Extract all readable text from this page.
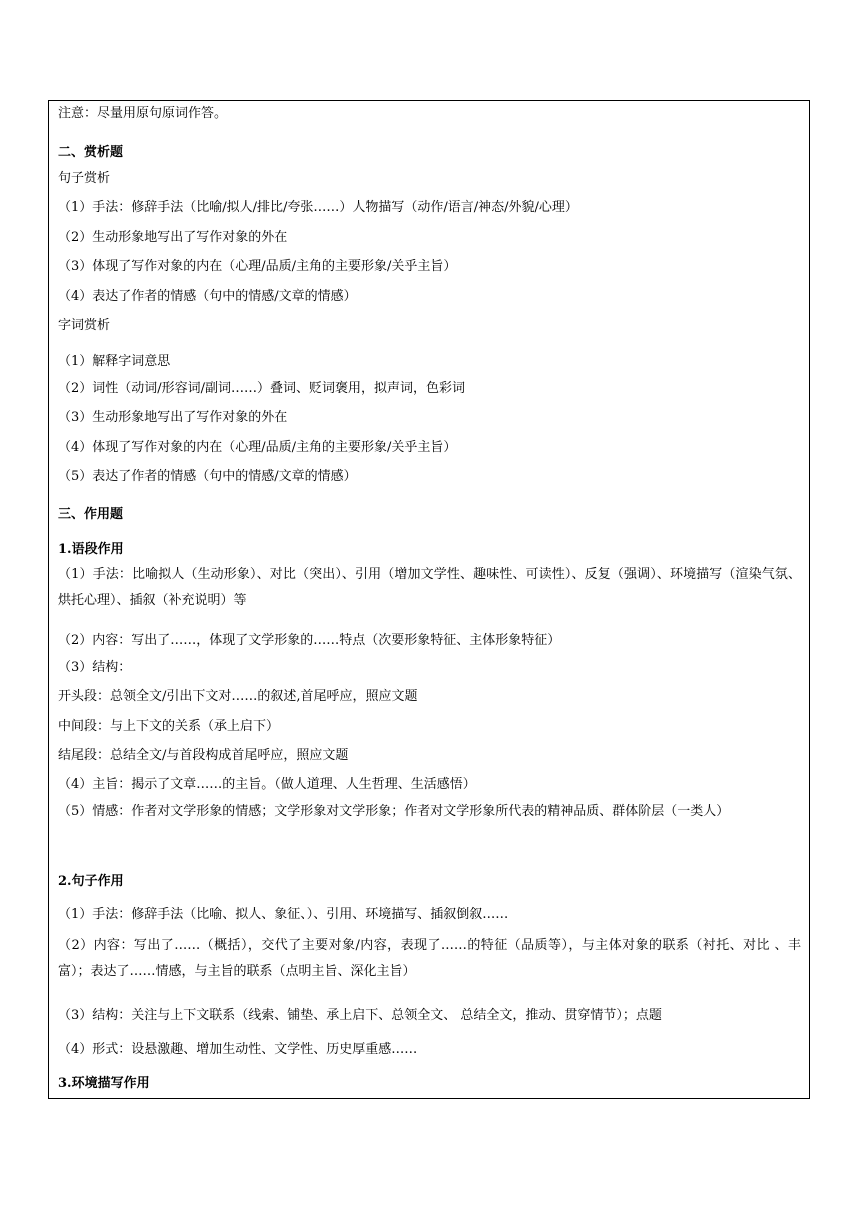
注意：尽量用原句原词作答。
二、赏析题
句子赏析
（1）手法：修辞手法（比喻/拟人/排比/夸张……）人物描写（动作/语言/神态/外貌/心理）
（2）生动形象地写出了写作对象的外在
（3）体现了写作对象的内在（心理/品质/主角的主要形象/关乎主旨）
（4）表达了作者的情感（句中的情感/文章的情感）
字词赏析
（1）解释字词意思
（2）词性（动词/形容词/副词……）叠词、贬词褒用，拟声词，色彩词
（3）生动形象地写出了写作对象的外在
（4）体现了写作对象的内在（心理/品质/主角的主要形象/关乎主旨）
（5）表达了作者的情感（句中的情感/文章的情感）
三、作用题
1.语段作用
（1）手法：比喻拟人（生动形象）、对比（突出）、引用（增加文学性、趣味性、可读性）、反复（强调）、环境描写（渲染气氛、烘托心理）、插叙（补充说明）等
（2）内容：写出了……，体现了文学形象的……特点（次要形象特征、主体形象特征）
（3）结构：
开头段：总领全文/引出下文对……的叙述,首尾呼应，照应文题
中间段：与上下文的关系（承上启下）
结尾段：总结全文/与首段构成首尾呼应，照应文题
（4）主旨：揭示了文章……的主旨。（做人道理、人生哲理、生活感悟）
（5）情感：作者对文学形象的情感；文学形象对文学形象；作者对文学形象所代表的精神品质、群体阶层（一类人）
2.句子作用
（1）手法：修辞手法（比喻、拟人、象征、）、引用、环境描写、插叙倒叙……
（2）内容：写出了……（概括），交代了主要对象/内容，表现了……的特征（品质等），与主体对象的联系（衬托、对比 、丰富）；表达了……情感，与主旨的联系（点明主旨、深化主旨）
（3）结构：关注与上下文联系（线索、铺垫、承上启下、总领全文、 总结全文，推动、贯穿情节）；点题
（4）形式：设悬激趣、增加生动性、文学性、历史厚重感……
3.环境描写作用
